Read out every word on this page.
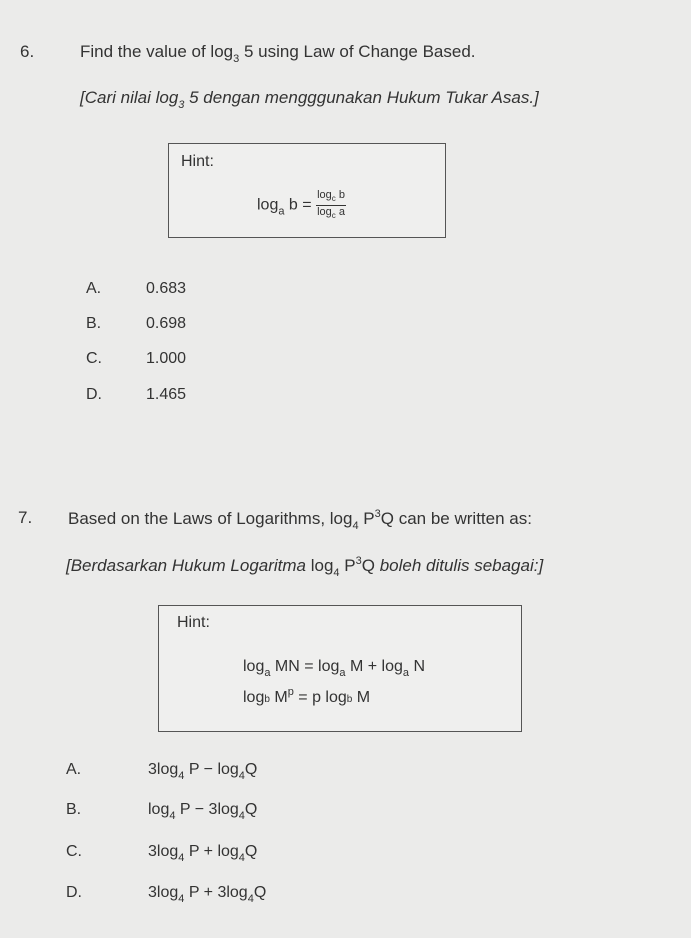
6.	Find the value of $\log_3 5$ using Law of Change Based.
[Cari nilai $\log_3 5$ dengan mengggunakan Hukum Tukar Asas.]
Hint:
$\log_a b = \frac{\log_c b}{\log_c a}$
A.	0.683
B.	0.698
C.	1.000
D.	1.465
7. Based on the Laws of Logarithms, $\log_4 P^3Q$ can be written as:
[Berdasarkan Hukum Logaritma $\log_4 P^3Q$ boleh ditulis sebagai:]
Hint:
$\log_a$ MN = $\log_a M + \log_a N$
logb $M^p = p$ logb M
A.	$3\log_4$ $P - \log_4Q$
B.	$\log_4 P - 3\log_4Q$
C.	$3\log_4$ $P + \log_4Q$
D.	$3\log_4$ $P + 3\log_4Q$
